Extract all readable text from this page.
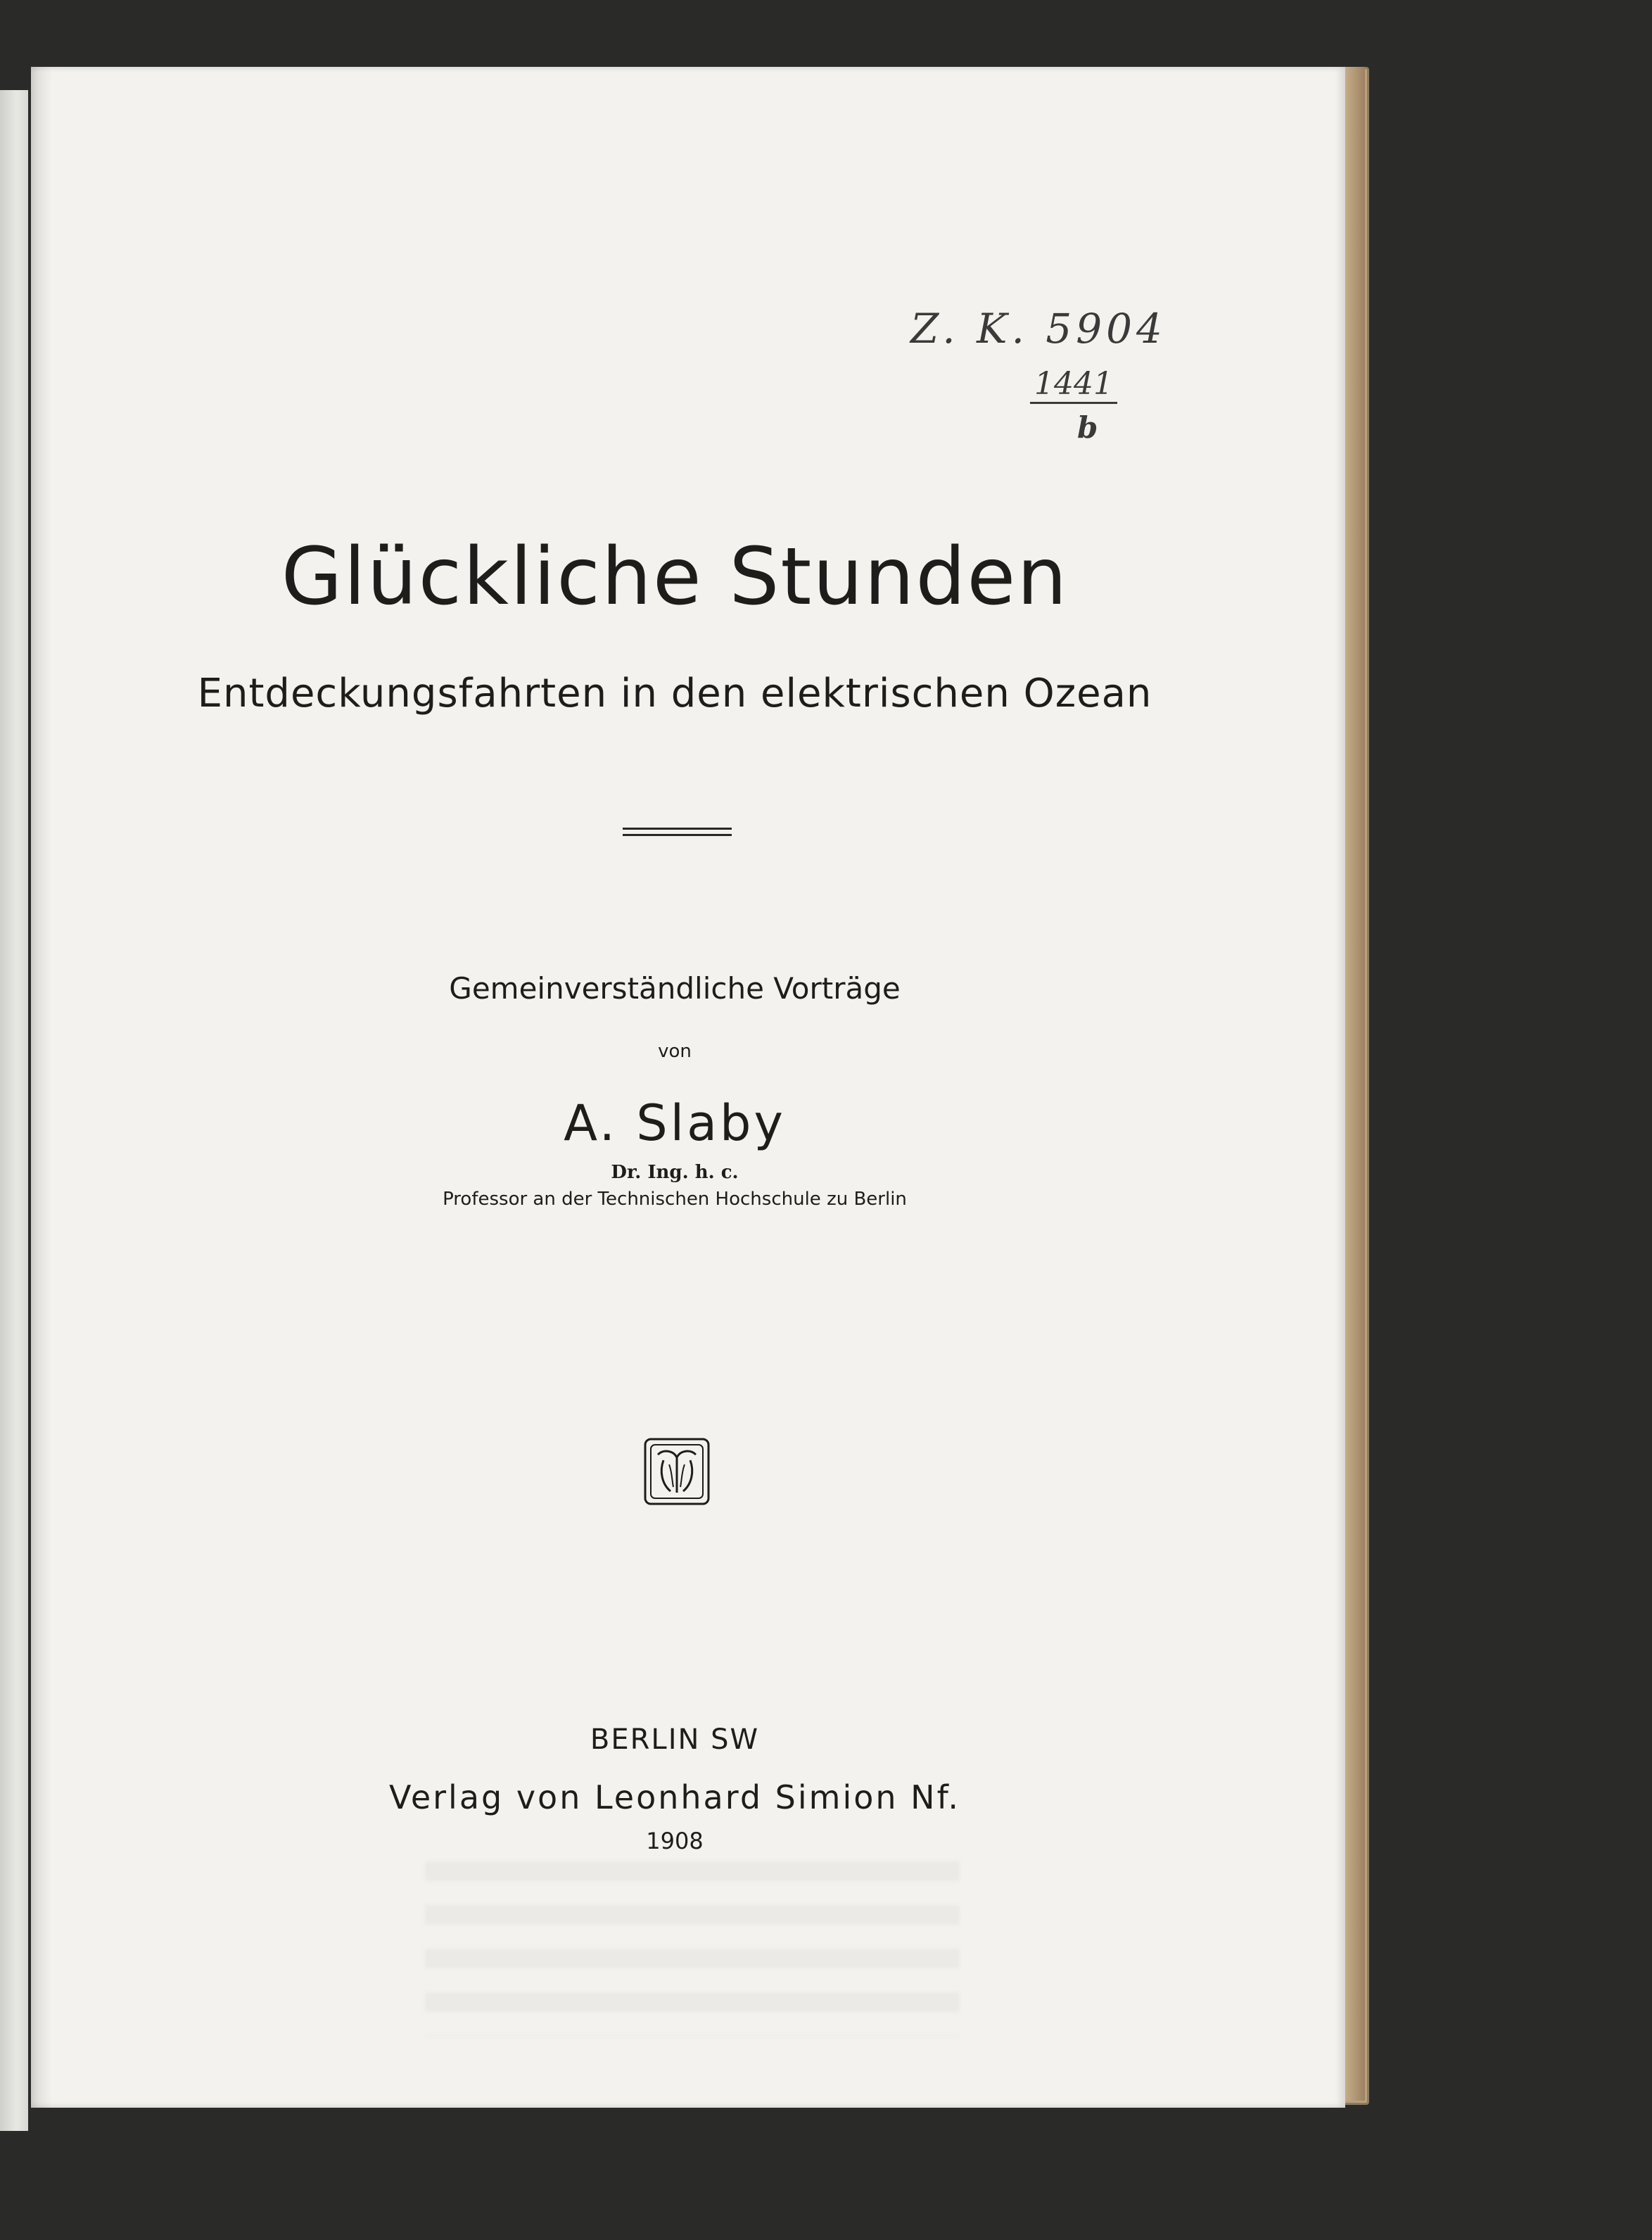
Z. K. 5904
1441
b
Glückliche Stunden
Entdeckungsfahrten in den elektrischen Ozean
Gemeinverständliche Vorträge
von
A. Slaby
Dr. Ing. h. c.
Professor an der Technischen Hochschule zu Berlin
BERLIN SW
Verlag von Leonhard Simion Nf.
1908
